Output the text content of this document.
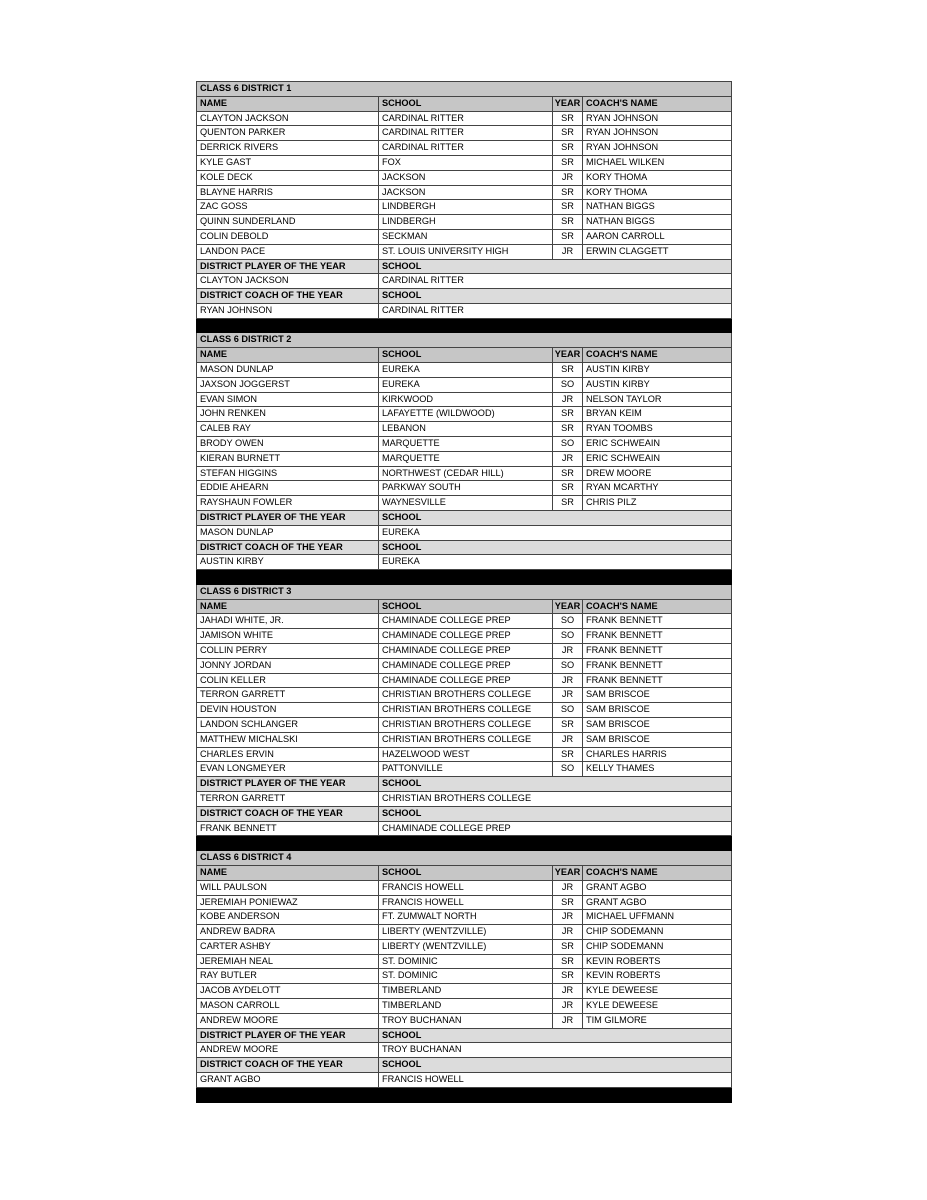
CLASS 6 DISTRICT 1			
NAME	SCHOOL	YEAR	COACH'S NAME
CLAYTON JACKSON	CARDINAL RITTER	SR	RYAN JOHNSON
QUENTON PARKER	CARDINAL RITTER	SR	RYAN JOHNSON
DERRICK RIVERS	CARDINAL RITTER	SR	RYAN JOHNSON
KYLE GAST	FOX	SR	MICHAEL WILKEN
KOLE DECK	JACKSON	JR	KORY THOMA
BLAYNE HARRIS	JACKSON	SR	KORY THOMA
ZAC GOSS	LINDBERGH	SR	NATHAN BIGGS
QUINN SUNDERLAND	LINDBERGH	SR	NATHAN BIGGS
COLIN DEBOLD	SECKMAN	SR	AARON CARROLL
LANDON PACE	ST. LOUIS UNIVERSITY HIGH	JR	ERWIN CLAGGETT
DISTRICT PLAYER OF THE YEAR	SCHOOL		
CLAYTON JACKSON	CARDINAL RITTER		
DISTRICT COACH OF THE YEAR	SCHOOL		
RYAN JOHNSON	CARDINAL RITTER		

CLASS 6 DISTRICT 2			
NAME	SCHOOL	YEAR	COACH'S NAME
MASON DUNLAP	EUREKA	SR	AUSTIN KIRBY
JAXSON JOGGERST	EUREKA	SO	AUSTIN KIRBY
EVAN SIMON	KIRKWOOD	JR	NELSON TAYLOR
JOHN RENKEN	LAFAYETTE (WILDWOOD)	SR	BRYAN KEIM
CALEB RAY	LEBANON	SR	RYAN TOOMBS
BRODY OWEN	MARQUETTE	SO	ERIC SCHWEAIN
KIERAN BURNETT	MARQUETTE	JR	ERIC SCHWEAIN
STEFAN HIGGINS	NORTHWEST (CEDAR HILL)	SR	DREW MOORE
EDDIE AHEARN	PARKWAY SOUTH	SR	RYAN MCARTHY
RAYSHAUN FOWLER	WAYNESVILLE	SR	CHRIS PILZ
DISTRICT PLAYER OF THE YEAR	SCHOOL		
MASON DUNLAP	EUREKA		
DISTRICT COACH OF THE YEAR	SCHOOL		
AUSTIN KIRBY	EUREKA		

CLASS 6 DISTRICT 3			
NAME	SCHOOL	YEAR	COACH'S NAME
JAHADI WHITE, JR.	CHAMINADE COLLEGE PREP	SO	FRANK BENNETT
JAMISON WHITE	CHAMINADE COLLEGE PREP	SO	FRANK BENNETT
COLLIN PERRY	CHAMINADE COLLEGE PREP	JR	FRANK BENNETT
JONNY JORDAN	CHAMINADE COLLEGE PREP	SO	FRANK BENNETT
COLIN KELLER	CHAMINADE COLLEGE PREP	JR	FRANK BENNETT
TERRON GARRETT	CHRISTIAN BROTHERS COLLEGE	JR	SAM BRISCOE
DEVIN HOUSTON	CHRISTIAN BROTHERS COLLEGE	SO	SAM BRISCOE
LANDON SCHLANGER	CHRISTIAN BROTHERS COLLEGE	SR	SAM BRISCOE
MATTHEW MICHALSKI	CHRISTIAN BROTHERS COLLEGE	JR	SAM BRISCOE
CHARLES ERVIN	HAZELWOOD WEST	SR	CHARLES HARRIS
EVAN LONGMEYER	PATTONVILLE	SO	KELLY THAMES
DISTRICT PLAYER OF THE YEAR	SCHOOL		
TERRON GARRETT	CHRISTIAN BROTHERS COLLEGE		
DISTRICT COACH OF THE YEAR	SCHOOL		
FRANK BENNETT	CHAMINADE COLLEGE PREP		

CLASS 6 DISTRICT 4			
NAME	SCHOOL	YEAR	COACH'S NAME
WILL PAULSON	FRANCIS HOWELL	JR	GRANT AGBO
JEREMIAH PONIEWAZ	FRANCIS HOWELL	SR	GRANT AGBO
KOBE ANDERSON	FT. ZUMWALT NORTH	JR	MICHAEL UFFMANN
ANDREW BADRA	LIBERTY (WENTZVILLE)	JR	CHIP SODEMANN
CARTER ASHBY	LIBERTY (WENTZVILLE)	SR	CHIP SODEMANN
JEREMIAH NEAL	ST. DOMINIC	SR	KEVIN ROBERTS
RAY BUTLER	ST. DOMINIC	SR	KEVIN ROBERTS
JACOB AYDELOTT	TIMBERLAND	JR	KYLE DEWEESE
MASON CARROLL	TIMBERLAND	JR	KYLE DEWEESE
ANDREW MOORE	TROY BUCHANAN	JR	TIM GILMORE
DISTRICT PLAYER OF THE YEAR	SCHOOL		
ANDREW MOORE	TROY BUCHANAN		
DISTRICT COACH OF THE YEAR	SCHOOL		
GRANT AGBO	FRANCIS HOWELL		
